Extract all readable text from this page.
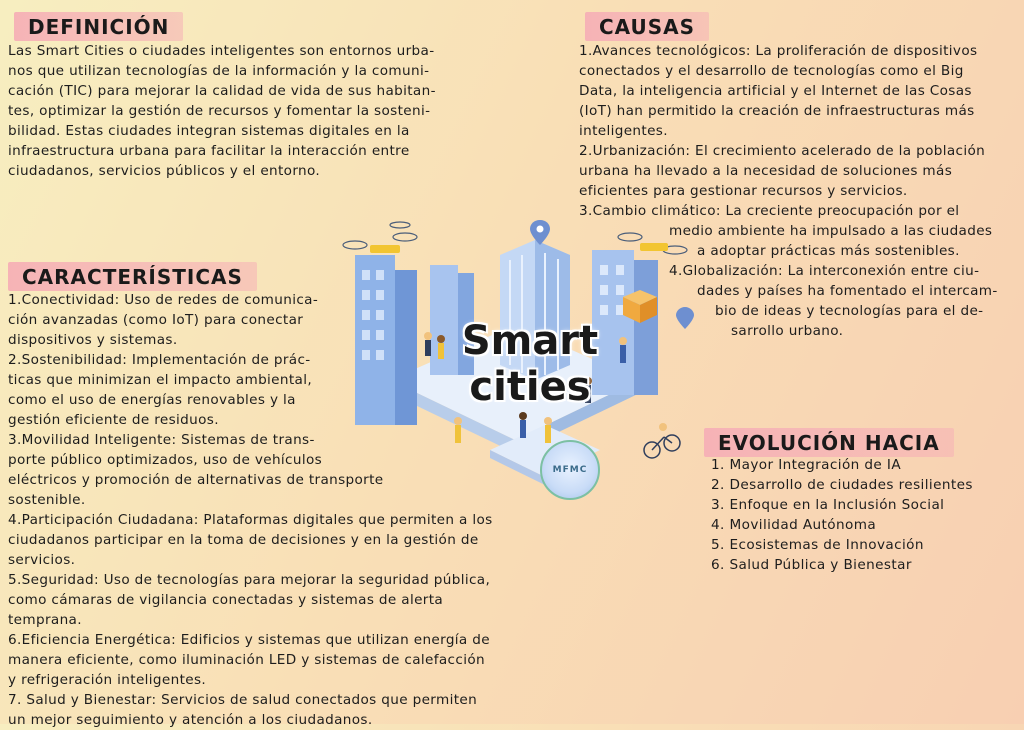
DEFINICIÓN
Las Smart Cities o ciudades inteligentes son entornos urba-
nos que utilizan tecnologías de la información y la comuni-
cación (TIC) para mejorar la calidad de vida de sus habitan-
tes, optimizar la gestión de recursos y fomentar la sosteni-
bilidad. Estas ciudades integran sistemas digitales en la
infraestructura urbana para facilitar la interacción entre
ciudadanos, servicios públicos y el entorno.
CAUSAS
1.Avances tecnológicos: La proliferación de dispositivos
conectados y el desarrollo de tecnologías como el Big
Data, la inteligencia artificial y el Internet de las Cosas
(IoT) han permitido la creación de infraestructuras más
inteligentes.
2.Urbanización: El crecimiento acelerado de la población
urbana ha llevado a la necesidad de soluciones más
eficientes para gestionar recursos y servicios.
3.Cambio climático: La creciente preocupación por el
medio ambiente ha impulsado a las ciudades
a adoptar prácticas más sostenibles.
4.Globalización: La interconexión entre ciu-
dades y países ha fomentado el intercam-
bio de ideas y tecnologías para el de-
sarrollo urbano.
CARACTERÍSTICAS
1.Conectividad: Uso de redes de comunica-
ción avanzadas (como IoT) para conectar
dispositivos y sistemas.
2.Sostenibilidad: Implementación de prác-
ticas que minimizan el impacto ambiental,
como el uso de energías renovables y la
gestión eficiente de residuos.
3.Movilidad Inteligente: Sistemas de trans-
porte público optimizados, uso de vehículos
eléctricos y promoción de alternativas de transporte
sostenible.
4.Participación Ciudadana: Plataformas digitales que permiten a los
ciudadanos participar en la toma de decisiones y en la gestión de
servicios.
5.Seguridad: Uso de tecnologías para mejorar la seguridad pública,
como cámaras de vigilancia conectadas y sistemas de alerta
temprana.
6.Eficiencia Energética: Edificios y sistemas que utilizan energía de
manera eficiente, como iluminación LED y sistemas de calefacción
y refrigeración inteligentes.
7. Salud y Bienestar: Servicios de salud conectados que permiten
un mejor seguimiento y atención a los ciudadanos.
Smart
cities
MFMC
EVOLUCIÓN HACIA
1. Mayor Integración de IA
2. Desarrollo de ciudades resilientes
3. Enfoque en la Inclusión Social
4. Movilidad Autónoma
5. Ecosistemas de Innovación
6. Salud Pública y Bienestar
